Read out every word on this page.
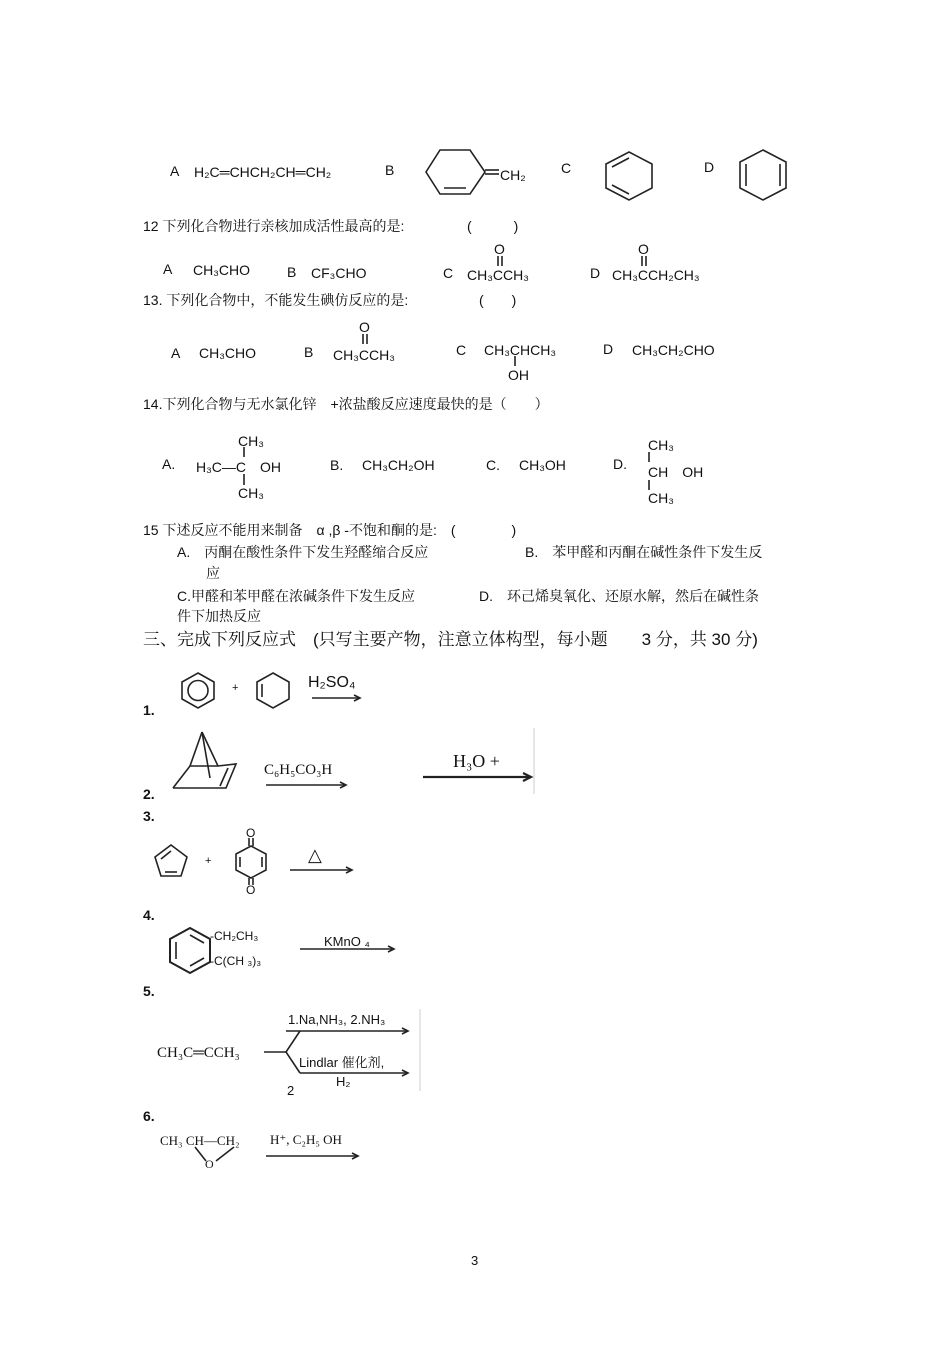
A H₂C═CHCH₂CH═CH₂	B	CH₂	C	D
12 下列化合物进行亲核加成活性最高的是:	(　　　)
A CH₃CHO	B CF₃CHO
O
C CH₃CCH₃
O
D CH₃CCH₂CH₃
13. 下列化合物中，不能发生碘仿反应的是:	(　　)
A CH₃CHO	B
O
CH₃CCH₃	C CH₃CHCH₃
OH
D CH₃CH₂CHO
14.下列化合物与无水氯化锌　+浓盐酸反应速度最快的是（　　）
A.
CH₃
H₃C—C　OH
CH₃
B. CH₃CH₂OH	C. CH₃OH	D.
CH₃
CH　OH
CH₃
15 下述反应不能用来制备　α ,β -不饱和酮的是:　(　　　　)
A.　丙酮在酸性条件下发生羟醛缩合反应
应
B.　苯甲醛和丙酮在碱性条件下发生反
C.甲醛和苯甲醛在浓碱条件下发生反应
件下加热反应
D.　环己烯臭氧化、还原水解，然后在碱性条
三、完成下列反应式　(只写主要产物，注意立体构型，每小题　　3 分，共 30 分)
1.
+	H₂SO₄
2.
C₆H₅CO₃H	H₃O +
3.
+
O
O
△
4.
-CH₂CH₃
-C(CH ₃)₃
KMnO ₄
5.
CH₃C═CCH₃
1.Na,NH₃, 2.NH₃
Lindlar 催化剂,
H₂
2
6.
CH₃ CH—CH₂
O
H⁺, C₂H₅ OH
3
